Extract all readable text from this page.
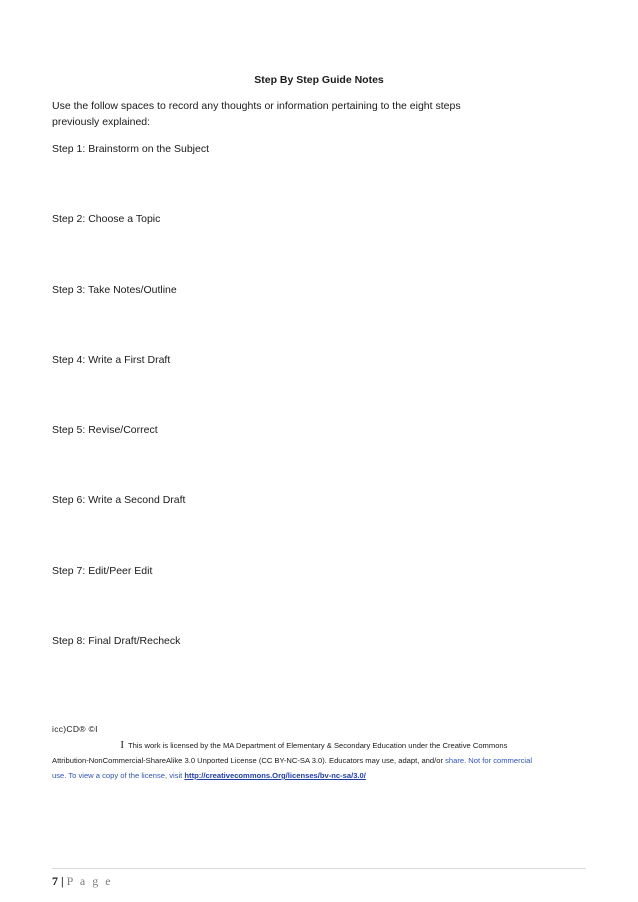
Step By Step Guide Notes
Use the follow spaces to record any thoughts or information pertaining to the eight steps
previously explained:
Step 1: Brainstorm on the Subject
Step 2: Choose a Topic
Step 3: Take Notes/Outline
Step 4: Write a First Draft
Step 5: Revise/Correct
Step 6: Write a Second Draft
Step 7: Edit/Peer Edit
Step 8: Final Draft/Recheck
icc)CD® ©I
I This work is licensed by the MA Department of Elementary & Secondary Education under the Creative Commons
Attribution-NonCommercial-ShareAlike 3.0 Unported License (CC BY-NC-SA 3.0). Educators may use, adapt, and/or share. Not for commercial
use. To view a copy of the license, visit http://creativecommons.Org/licenses/bv-nc-sa/3.0/
7 | P a g e
